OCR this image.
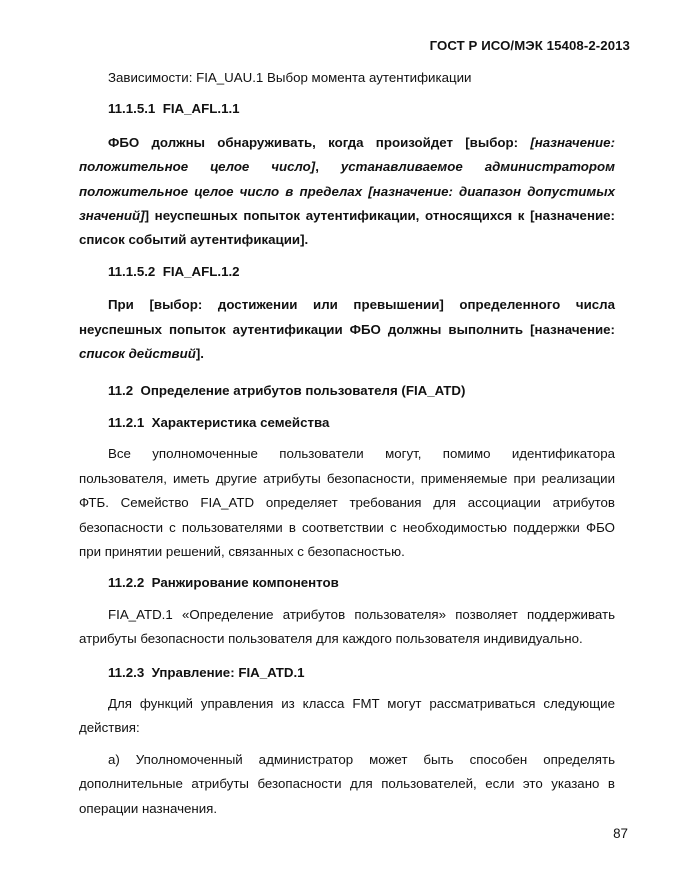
ГОСТ Р ИСО/МЭК 15408-2-2013

Зависимости: FIA_UAU.1 Выбор момента аутентификации

11.1.5.1  FIA_AFL.1.1

ФБО должны обнаруживать, когда произойдет [выбор: [назначение: положительное целое число], устанавливаемое администратором положительное целое число в пределах [назначение: диапазон допустимых значений]] неуспешных попыток аутентификации, относящихся к [назначение: список событий аутентификации].

11.1.5.2  FIA_AFL.1.2

При [выбор: достижении или превышении] определенного числа неуспешных попыток аутентификации ФБО должны выполнить [назначение: список действий].

11.2  Определение атрибутов пользователя (FIA_ATD)

11.2.1  Характеристика семейства

Все уполномоченные пользователи могут, помимо идентификатора пользователя, иметь другие атрибуты безопасности, применяемые при реализации ФТБ. Семейство FIA_ATD определяет требования для ассоциации атрибутов безопасности с пользователями в соответствии с необходимостью поддержки ФБО при принятии решений, связанных с безопасностью.

11.2.2  Ранжирование компонентов

FIA_ATD.1 «Определение атрибутов пользователя» позволяет поддерживать атрибуты безопасности пользователя для каждого пользователя индивидуально.

11.2.3  Управление: FIA_ATD.1

Для функций управления из класса FMT могут рассматриваться следующие действия:

a) Уполномоченный администратор может быть способен определять дополнительные атрибуты безопасности для пользователей, если это указано в операции назначения.

87
